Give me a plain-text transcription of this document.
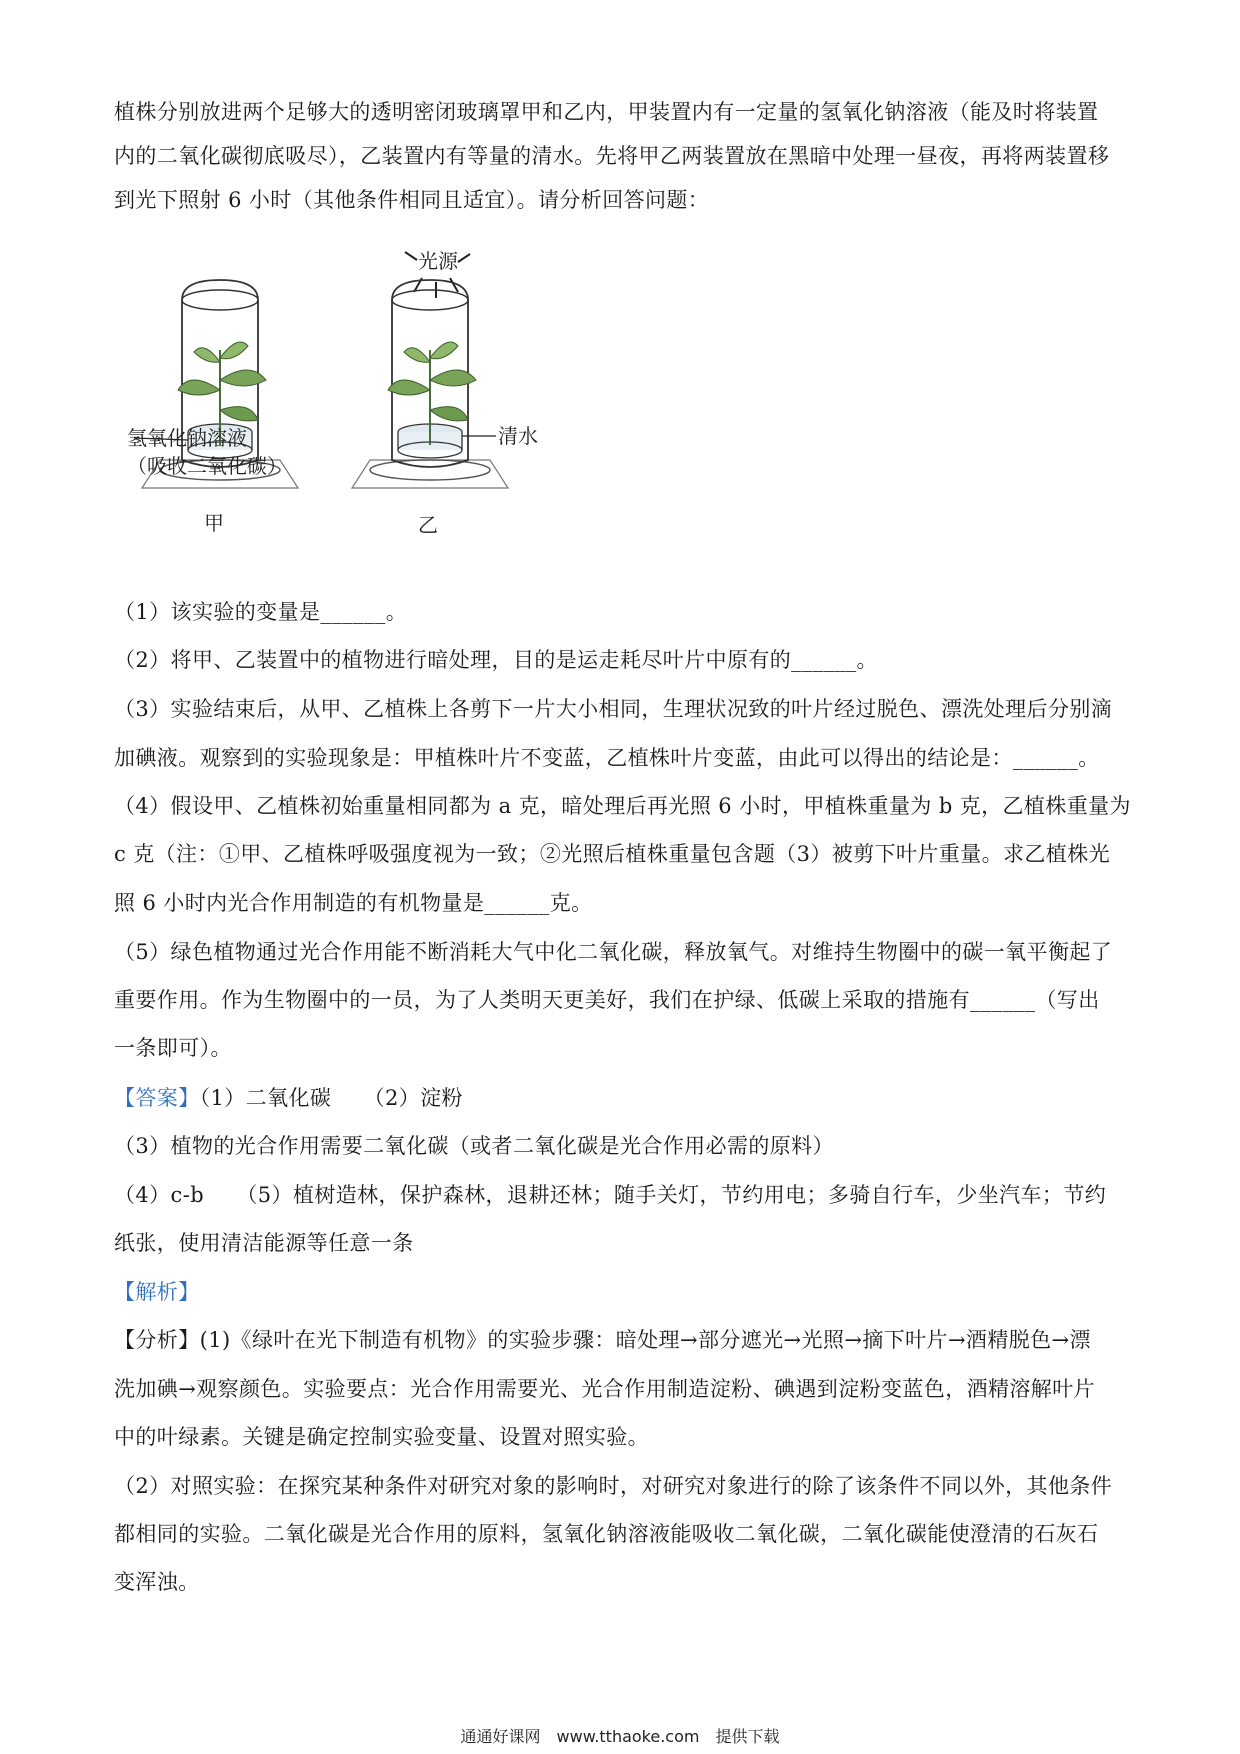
植株分别放进两个足够大的透明密闭玻璃罩甲和乙内，甲装置内有一定量的氢氧化钠溶液（能及时将装置
内的二氧化碳彻底吸尽），乙装置内有等量的清水。先将甲乙两装置放在黑暗中处理一昼夜，再将两装置移
到光下照射 6 小时（其他条件相同且适宜）。请分析回答问题：
光源
甲
清水
乙
氢氧化钠溶液
（吸收二氧化碳）
（1）该实验的变量是______。
（2）将甲、乙装置中的植物进行暗处理，目的是运走耗尽叶片中原有的______。
（3）实验结束后，从甲、乙植株上各剪下一片大小相同，生理状况致的叶片经过脱色、漂洗处理后分别滴
加碘液。观察到的实验现象是：甲植株叶片不变蓝，乙植株叶片变蓝，由此可以得出的结论是：______。
（4）假设甲、乙植株初始重量相同都为 a 克，暗处理后再光照 6 小时，甲植株重量为 b 克，乙植株重量为
c 克（注：①甲、乙植株呼吸强度视为一致；②光照后植株重量包含题（3）被剪下叶片重量。求乙植株光
照 6 小时内光合作用制造的有机物量是______克。
（5）绿色植物通过光合作用能不断消耗大气中化二氧化碳，释放氧气。对维持生物圈中的碳一氧平衡起了
重要作用。作为生物圈中的一员，为了人类明天更美好，我们在护绿、低碳上采取的措施有______（写出
一条即可）。
【答案】（1）二氧化碳　　（2）淀粉
（3）植物的光合作用需要二氧化碳（或者二氧化碳是光合作用必需的原料）
（4）c-b　　（5）植树造林，保护森林，退耕还林；随手关灯，节约用电；多骑自行车，少坐汽车；节约
纸张，使用清洁能源等任意一条
【解析】
【分析】(1)《绿叶在光下制造有机物》的实验步骤：暗处理→部分遮光→光照→摘下叶片→酒精脱色→漂
洗加碘→观察颜色。实验要点：光合作用需要光、光合作用制造淀粉、碘遇到淀粉变蓝色，酒精溶解叶片
中的叶绿素。关键是确定控制实验变量、设置对照实验。
（2）对照实验：在探究某种条件对研究对象的影响时，对研究对象进行的除了该条件不同以外，其他条件
都相同的实验。二氧化碳是光合作用的原料，氢氧化钠溶液能吸收二氧化碳，二氧化碳能使澄清的石灰石
变浑浊。
通通好课网　www.tthaoke.com　提供下载
